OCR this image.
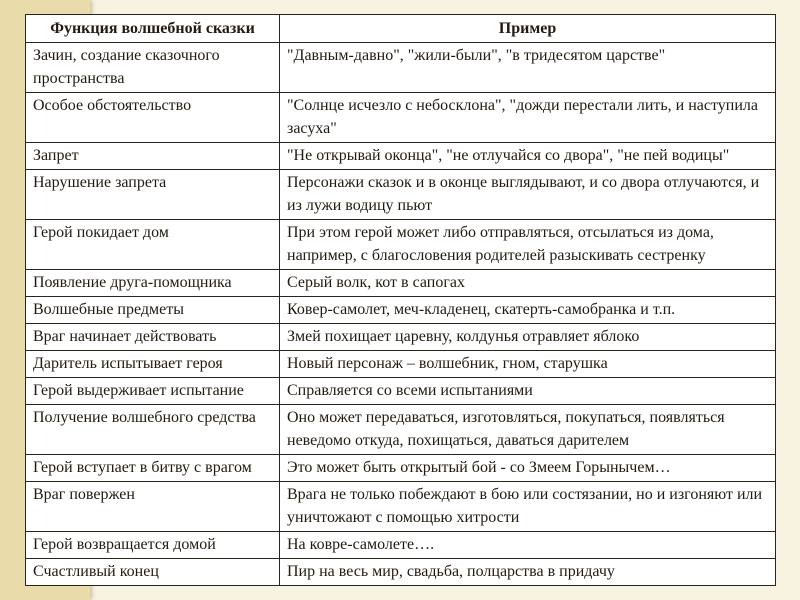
Функция волшебной сказки	Пример
Зачин, создание сказочного пространства	"Давным-давно", "жили-были", "в тридесятом царстве"
Особое обстоятельство	"Солнце исчезло с небосклона", "дожди перестали лить, и наступила засуха"
Запрет	"Не открывай оконца", "не отлучайся со двора", "не пей водицы"
Нарушение запрета	Персонажи сказок и в оконце выглядывают, и со двора отлучаются, и из лужи водицу пьют
Герой покидает дом	При этом герой может либо отправляться, отсылаться из дома, например, с благословения родителей разыскивать сестренку
Появление друга-помощника	Серый волк, кот в сапогах
Волшебные предметы	Ковер-самолет, меч-кладенец, скатерть-самобранка и т.п.
Враг начинает действовать	Змей похищает царевну, колдунья отравляет яблоко
Даритель испытывает героя	Новый персонаж – волшебник, гном, старушка
Герой выдерживает испытание	Справляется со всеми испытаниями
Получение волшебного средства	Оно может передаваться, изготовляться, покупаться, появляться неведомо откуда, похищаться, даваться дарителем
Герой вступает в битву с врагом	Это может быть открытый бой - со Змеем Горынычем…
Враг повержен	Врага не только побеждают в бою или состязании, но и изгоняют или уничтожают с помощью хитрости
Герой возвращается домой	На ковре-самолете….
Счастливый конец	Пир на весь мир, свадьба, полцарства в придачу
